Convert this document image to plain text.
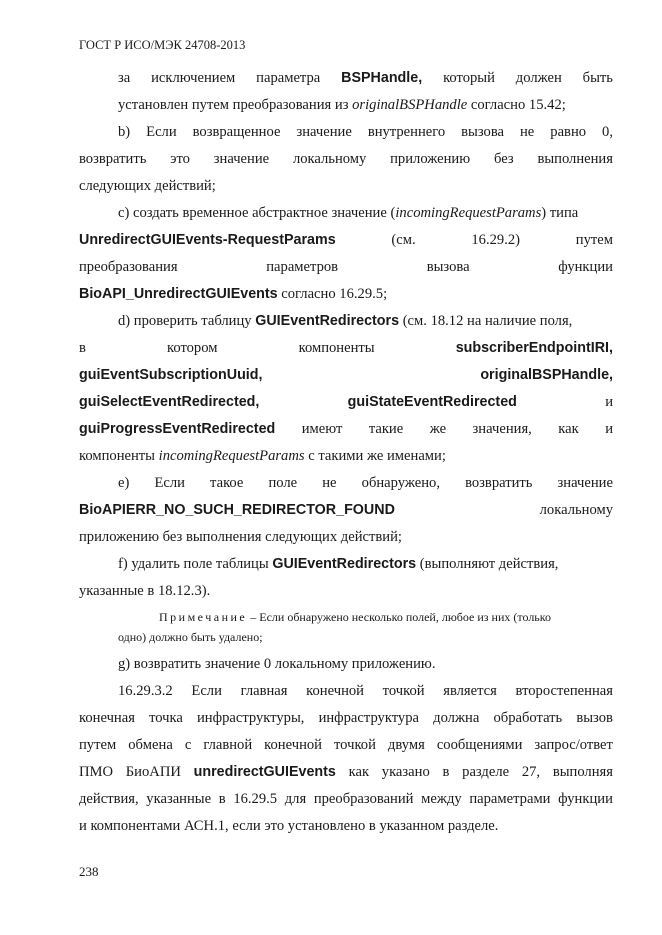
ГОСТ Р ИСО/МЭК 24708-2013
за исключением параметра BSPHandle, который должен быть
установлен путем преобразования из originalBSPHandle согласно 15.42;
b) Если возвращенное значение внутреннего вызова не равно 0,
возвратить это значение локальному приложению без выполнения
следующих действий;
c) создать временное абстрактное значение (incomingRequestParams) типа
UnredirectGUIEvents-RequestParams	(см.	16.29.2)	путем
преобразования	параметров	вызова	функции
BioAPI_UnredirectGUIEvents согласно 16.29.5;
d) проверить таблицу GUIEventRedirectors (см. 18.12 на наличие поля,
в	котором	компоненты	subscriberEndpointIRI,
guiEventSubscriptionUuid,	originalBSPHandle,
guiSelectEventRedirected,	guiStateEventRedirected	и
guiProgressEventRedirected имеют такие же значения, как и
компоненты incomingRequestParams с такими же именами;
e) Если такое поле не обнаружено, возвратить значение
BioAPIERR_NO_SUCH_REDIRECTOR_FOUND	локальному
приложению без выполнения следующих действий;
f) удалить поле таблицы GUIEventRedirectors (выполняют действия,
указанные в 18.12.3).
Примечание – Если обнаружено несколько полей, любое из них (только
одно) должно быть удалено;
g) возвратить значение 0 локальному приложению.
16.29.3.2 Если главная конечной точкой является второстепенная
конечная точка инфраструктуры, инфраструктура должна обработать вызов
путем обмена с главной конечной точкой двумя сообщениями запрос/ответ
ПМО БиоАПИ unredirectGUIEvents как указано в разделе 27, выполняя
действия, указанные в 16.29.5 для преобразований между параметрами функции
и компонентами АСН.1, если это установлено в указанном разделе.
238
